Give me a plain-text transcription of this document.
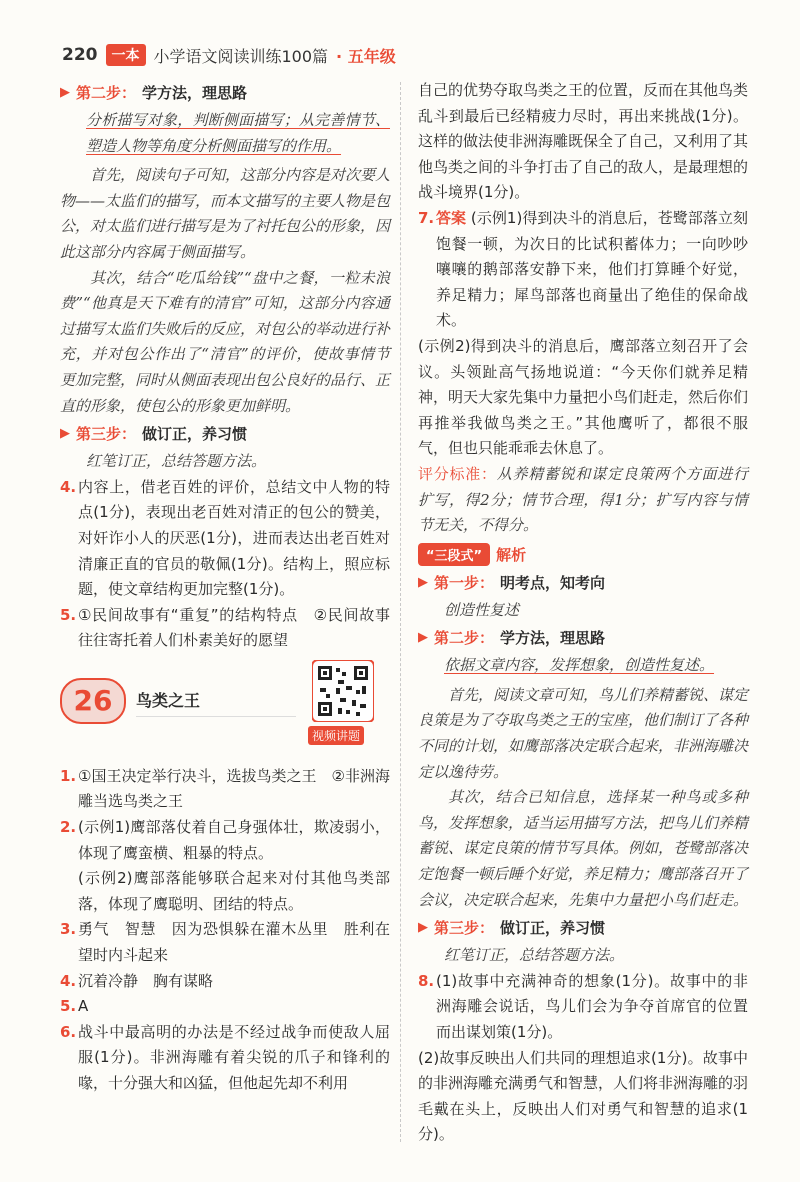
220	一本 小学语文阅读训练100篇 · 五年级
▶ 第二步： 学方法，理思路

分析描写对象，判断侧面描写；从完善情节、塑造人物等角度分析侧面描写的作用。

首先，阅读句子可知，这部分内容是对次要人物——太监们的描写，而本文描写的主要人物是包公，对太监们进行描写是为了衬托包公的形象，因此这部分内容属于侧面描写。

其次，结合“吃瓜给钱”“盘中之餐，一粒未浪费”“他真是天下难有的清官”可知，这部分内容通过描写太监们失败后的反应，对包公的举动进行补充，并对包公作出了“清官”的评价，使故事情节更加完整，同时从侧面表现出包公良好的品行、正直的形象，使包公的形象更加鲜明。

▶ 第三步： 做订正，养习惯

红笔订正，总结答题方法。

4. 内容上，借老百姓的评价，总结文中人物的特点(1分)，表现出老百姓对清正的包公的赞美，对奸诈小人的厌恶(1分)，进而表达出老百姓对清廉正直的官员的敬佩(1分)。结构上，照应标题，使文章结构更加完整(1分)。
5. ①民间故事有“重复”的结构特点　②民间故事往往寄托着人们朴素美好的愿望
26	鸟类之王
视频讲题
1. ①国王决定举行决斗，选拔鸟类之王　②非洲海雕当选鸟类之王
2. (示例1)鹰部落仗着自己身强体壮，欺凌弱小，体现了鹰蛮横、粗暴的特点。
(示例2)鹰部落能够联合起来对付其他鸟类部落，体现了鹰聪明、团结的特点。
3. 勇气　智慧　因为恐惧躲在灌木丛里　胜利在望时内斗起来
4. 沉着冷静　胸有谋略
5. A
6. 战斗中最高明的办法是不经过战争而使敌人屈服(1分)。非洲海雕有着尖锐的爪子和锋利的喙，十分强大和凶猛，但他起先却不利用

自己的优势夺取鸟类之王的位置，反而在其他鸟类乱斗到最后已经精疲力尽时，再出来挑战(1分)。这样的做法使非洲海雕既保全了自己，又利用了其他鸟类之间的斗争打击了自己的敌人，是最理想的战斗境界(1分)。

7. 答案 (示例1)得到决斗的消息后，苍鹭部落立刻饱餐一顿，为次日的比试积蓄体力；一向吵吵嚷嚷的鹅部落安静下来，他们打算睡个好觉，养足精力；犀鸟部落也商量出了绝佳的保命战术。

(示例2)得到决斗的消息后，鹰部落立刻召开了会议。头领趾高气扬地说道：“今天你们就养足精神，明天大家先集中力量把小鸟们赶走，然后你们再推举我做鸟类之王。”其他鹰听了，都很不服气，但也只能乖乖去休息了。

评分标准：从养精蓄锐和谋定良策两个方面进行扩写，得2分；情节合理，得1分；扩写内容与情节无关，不得分。

“三段式” 解析
▶ 第一步： 明考点，知考向

创造性复述

▶ 第二步： 学方法，理思路

依据文章内容，发挥想象，创造性复述。

首先，阅读文章可知，鸟儿们养精蓄锐、谋定良策是为了夺取鸟类之王的宝座，他们制订了各种不同的计划，如鹰部落决定联合起来，非洲海雕决定以逸待劳。

其次，结合已知信息，选择某一种鸟或多种鸟，发挥想象，适当运用描写方法，把鸟儿们养精蓄锐、谋定良策的情节写具体。例如，苍鹭部落决定饱餐一顿后睡个好觉，养足精力；鹰部落召开了会议，决定联合起来，先集中力量把小鸟们赶走。

▶ 第三步： 做订正，养习惯

红笔订正，总结答题方法。

8. (1)故事中充满神奇的想象(1分)。故事中的非洲海雕会说话，鸟儿们会为争夺首席官的位置而出谋划策(1分)。

(2)故事反映出人们共同的理想追求(1分)。故事中的非洲海雕充满勇气和智慧，人们将非洲海雕的羽毛戴在头上，反映出人们对勇气和智慧的追求(1分)。
